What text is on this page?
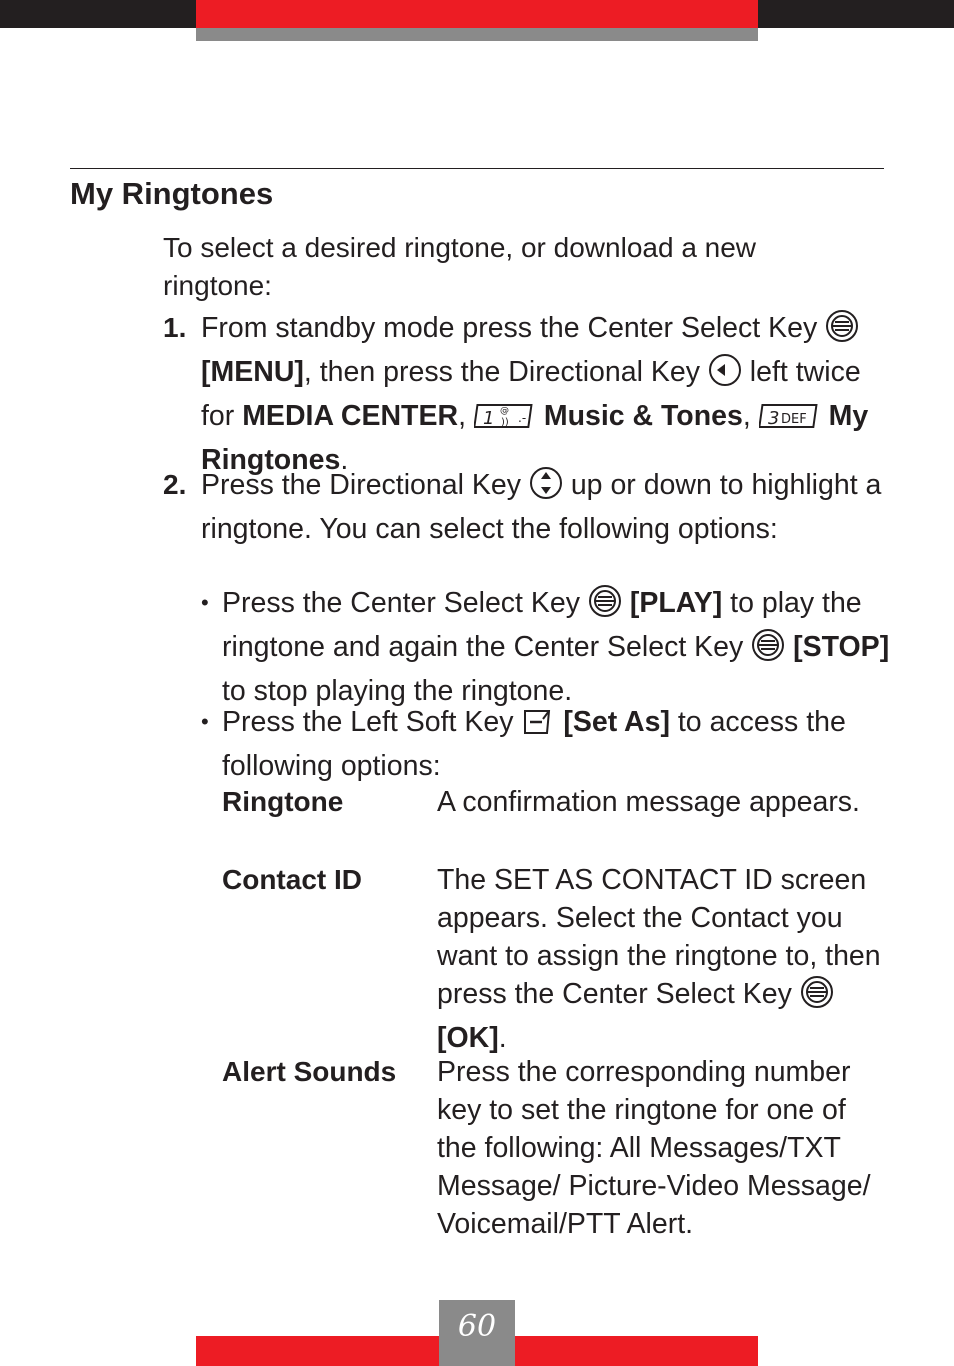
My Ringtones

To select a desired ringtone, or download a new ringtone:

1. From standby mode press the Center Select Key  [MENU], then press the Directional Key left twice for MEDIA CENTER, 1 @
)) .- Music & Tones, 3 DEF My Ringtones.
2. Press the Directional Key up or down to highlight a ringtone. You can select the following options:
• Press the Center Select Key [PLAY] to play the ringtone and again the Center Select Key [STOP] to stop playing the ringtone.
• Press the Left Soft Key [Set As] to access the following options:
Ringtone	A confirmation message appears.
Contact ID	The SET AS CONTACT ID screen appears. Select the Contact you want to assign the ringtone to, then press the Center Select Key  [OK].
Alert Sounds Press the corresponding number key to set the ringtone for one of the following: All Messages/TXT Message/ Picture-Video Message/ Voicemail/PTT Alert.
60
